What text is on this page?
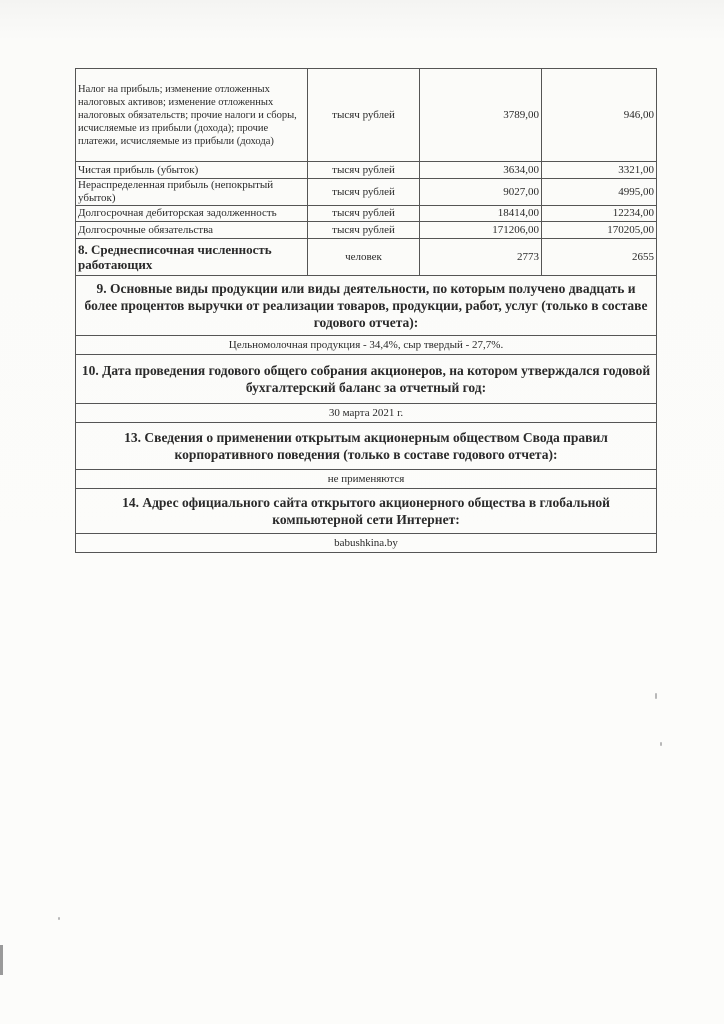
Налог на прибыль; изменение отложенных налоговых активов; изменение отложенных налоговых обязательств; прочие налоги и сборы, исчисляемые из прибыли (дохода); прочие платежи, исчисляемые из прибыли (дохода)	тысяч рублей	3789,00	946,00
Чистая прибыль (убыток)	тысяч рублей	3634,00	3321,00
Нераспределенная прибыль (непокрытый убыток)	тысяч рублей	9027,00	4995,00
Долгосрочная дебиторская задолженность	тысяч рублей	18414,00	12234,00
Долгосрочные обязательства	тысяч рублей	171206,00	170205,00
8. Среднесписочная численность работающих	человек	2773	2655
9. Основные виды продукции или виды деятельности, по которым получено двадцать и более процентов выручки от реализации товаров, продукции, работ, услуг (только в составе годового отчета):			
Цельномолочная продукция - 34,4%, сыр твердый - 27,7%.			
10. Дата проведения годового общего собрания акционеров, на котором утверждался годовой бухгалтерский баланс за отчетный год:			
30 марта 2021 г.			
13. Сведения о применении открытым акционерным обществом Свода правил корпоративного поведения (только в составе годового отчета):			
не применяются			
14. Адрес официального сайта открытого акционерного общества в глобальной компьютерной сети Интернет:			
babushkina.by			
